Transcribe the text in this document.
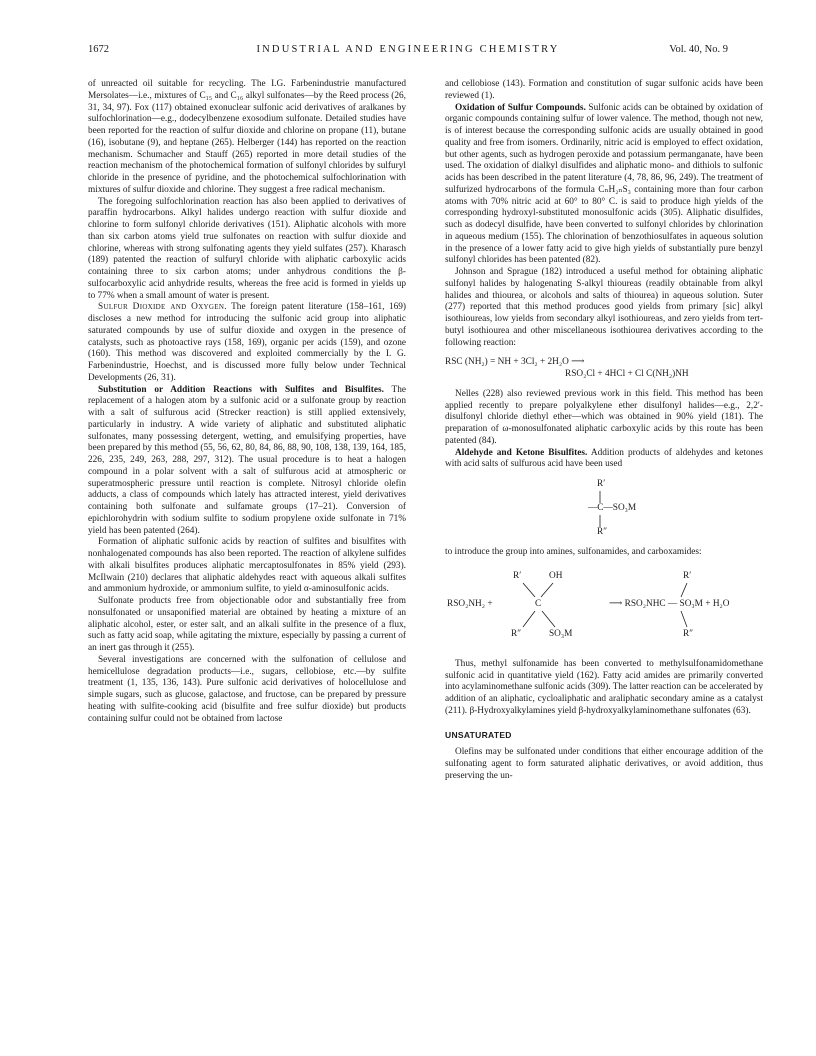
1672	INDUSTRIAL AND ENGINEERING CHEMISTRY	Vol. 40, No. 9

of unreacted oil suitable for recycling. The I.G. Farbenindustrie manufactured Mersolates—i.e., mixtures of C₁₅ and C₁₆ alkyl sulfonates—by the Reed process (26, 31, 34, 97). Fox (117) obtained exonuclear sulfonic acid derivatives of aralkanes by sulfochlorination—e.g., dodecylbenzene exosodium sulfonate. Detailed studies have been reported for the reaction of sulfur dioxide and chlorine on propane (11), butane (16), isobutane (9), and heptane (265). Helberger (144) has reported on the reaction mechanism. Schumacher and Stauff (265) reported in more detail studies of the reaction mechanism of the photochemical formation of sulfonyl chlorides by sulfuryl chloride in the presence of pyridine, and the photochemical sulfochlorination with mixtures of sulfur dioxide and chlorine. They suggest a free radical mechanism.

The foregoing sulfochlorination reaction has also been applied to derivatives of paraffin hydrocarbons. Alkyl halides undergo reaction with sulfur dioxide and chlorine to form sulfonyl chloride derivatives (151). Aliphatic alcohols with more than six carbon atoms yield true sulfonates on reaction with sulfur dioxide and chlorine, whereas with strong sulfonating agents they yield sulfates (257). Kharasch (189) patented the reaction of sulfuryl chloride with aliphatic carboxylic acids containing three to six carbon atoms; under anhydrous conditions the β-sulfocarboxylic acid anhydride results, whereas the free acid is formed in yields up to 77% when a small amount of water is present.

Sulfur Dioxide and Oxygen. The foreign patent literature (158–161, 169) discloses a new method for introducing the sulfonic acid group into aliphatic saturated compounds by use of sulfur dioxide and oxygen in the presence of catalysts, such as photoactive rays (158, 169), organic per acids (159), and ozone (160). This method was discovered and exploited commercially by the I. G. Farbenindustrie, Hoechst, and is discussed more fully below under Technical Developments (26, 31).

Substitution or Addition Reactions with Sulfites and Bisulfites. The replacement of a halogen atom by a sulfonic acid or a sulfonate group by reaction with a salt of sulfurous acid (Strecker reaction) is still applied extensively, particularly in industry. A wide variety of aliphatic and substituted aliphatic sulfonates, many possessing detergent, wetting, and emulsifying properties, have been prepared by this method (55, 56, 62, 80, 84, 86, 88, 90, 108, 138, 139, 164, 185, 226, 235, 249, 263, 288, 297, 312). The usual procedure is to heat a halogen compound in a polar solvent with a salt of sulfurous acid at atmospheric or superatmospheric pressure until reaction is complete. Nitrosyl chloride olefin adducts, a class of compounds which lately has attracted interest, yield derivatives containing both sulfonate and sulfamate groups (17–21). Conversion of epichlorohydrin with sodium sulfite to sodium propylene oxide sulfonate in 71% yield has been patented (264).

Formation of aliphatic sulfonic acids by reaction of sulfites and bisulfites with nonhalogenated compounds has also been reported. The reaction of alkylene sulfides with alkali bisulfites produces aliphatic mercaptosulfonates in 85% yield (293). McIlwain (210) declares that aliphatic aldehydes react with aqueous alkali sulfites and ammonium hydroxide, or ammonium sulfite, to yield α-aminosulfonic acids.

Sulfonate products free from objectionable odor and substantially free from nonsulfonated or unsaponified material are obtained by heating a mixture of an aliphatic alcohol, ester, or ester salt, and an alkali sulfite in the presence of a flux, such as fatty acid soap, while agitating the mixture, especially by passing a current of an inert gas through it (255).

Several investigations are concerned with the sulfonation of cellulose and hemicellulose degradation products—i.e., sugars, cellobiose, etc.—by sulfite treatment (1, 135, 136, 143). Pure sulfonic acid derivatives of holocellulose and simple sugars, such as glucose, galactose, and fructose, can be prepared by pressure heating with sulfite-cooking acid (bisulfite and free sulfur dioxide) but products containing sulfur could not be obtained from lactose

and cellobiose (143). Formation and constitution of sugar sulfonic acids have been reviewed (1).

Oxidation of Sulfur Compounds. Sulfonic acids can be obtained by oxidation of organic compounds containing sulfur of lower valence. The method, though not new, is of interest because the corresponding sulfonic acids are usually obtained in good quality and free from isomers. Ordinarily, nitric acid is employed to effect oxidation, but other agents, such as hydrogen peroxide and potassium permanganate, have been used. The oxidation of dialkyl disulfides and aliphatic mono- and dithiols to sulfonic acids has been described in the patent literature (4, 78, 86, 96, 249). The treatment of sulfurized hydrocarbons of the formula CₙH₂ₙS₃ containing more than four carbon atoms with 70% nitric acid at 60° to 80° C. is said to produce high yields of the corresponding hydroxyl-substituted monosulfonic acids (305). Aliphatic disulfides, such as dodecyl disulfide, have been converted to sulfonyl chlorides by chlorination in aqueous medium (155). The chlorination of benzothiosulfates in aqueous solution in the presence of a lower fatty acid to give high yields of substantially pure benzyl sulfonyl chlorides has been patented (82).

Johnson and Sprague (182) introduced a useful method for obtaining aliphatic sulfonyl halides by halogenating S-alkyl thioureas (readily obtainable from alkyl halides and thiourea, or alcohols and salts of thiourea) in aqueous solution. Suter (277) reported that this method produces good yields from primary [sic] alkyl isothioureas, low yields from secondary alkyl isothioureas, and zero yields from tert-butyl isothiourea and other miscellaneous isothiourea derivatives according to the following reaction:

RSC (NH₂) = NH + 3Cl₂ + 2H₂O ⟶
RSO₂Cl + 4HCl + Cl C(NH₂)NH

Nelles (228) also reviewed previous work in this field. This method has been applied recently to prepare polyalkylene ether disulfonyl halides—e.g., 2,2′-disulfonyl chloride diethyl ether—which was obtained in 90% yield (181). The preparation of ω-monosulfonated aliphatic carboxylic acids by this route has been patented (84).

Aldehyde and Ketone Bisulfites. Addition products of aldehydes and ketones with acid salts of sulfurous acid have been used

R′
—C—SO₃M
R″

to introduce the group into amines, sulfonamides, and carboxamides:

RSO₂NH₂ +
R′	OH
C
R″	SO₃M
⟶ RSO₂NHC — SO₃M + H₂O
R′
R″

Thus, methyl sulfonamide has been converted to methylsulfonamidomethane sulfonic acid in quantitative yield (162). Fatty acid amides are primarily converted into acylaminomethane sulfonic acids (309). The latter reaction can be accelerated by addition of an aliphatic, cycloaliphatic and araliphatic secondary amine as a catalyst (211). β-Hydroxyalkylamines yield β-hydroxyalkylaminomethane sulfonates (63).

UNSATURATED

Olefins may be sulfonated under conditions that either encourage addition of the sulfonating agent to form saturated aliphatic derivatives, or avoid addition, thus preserving the un-
